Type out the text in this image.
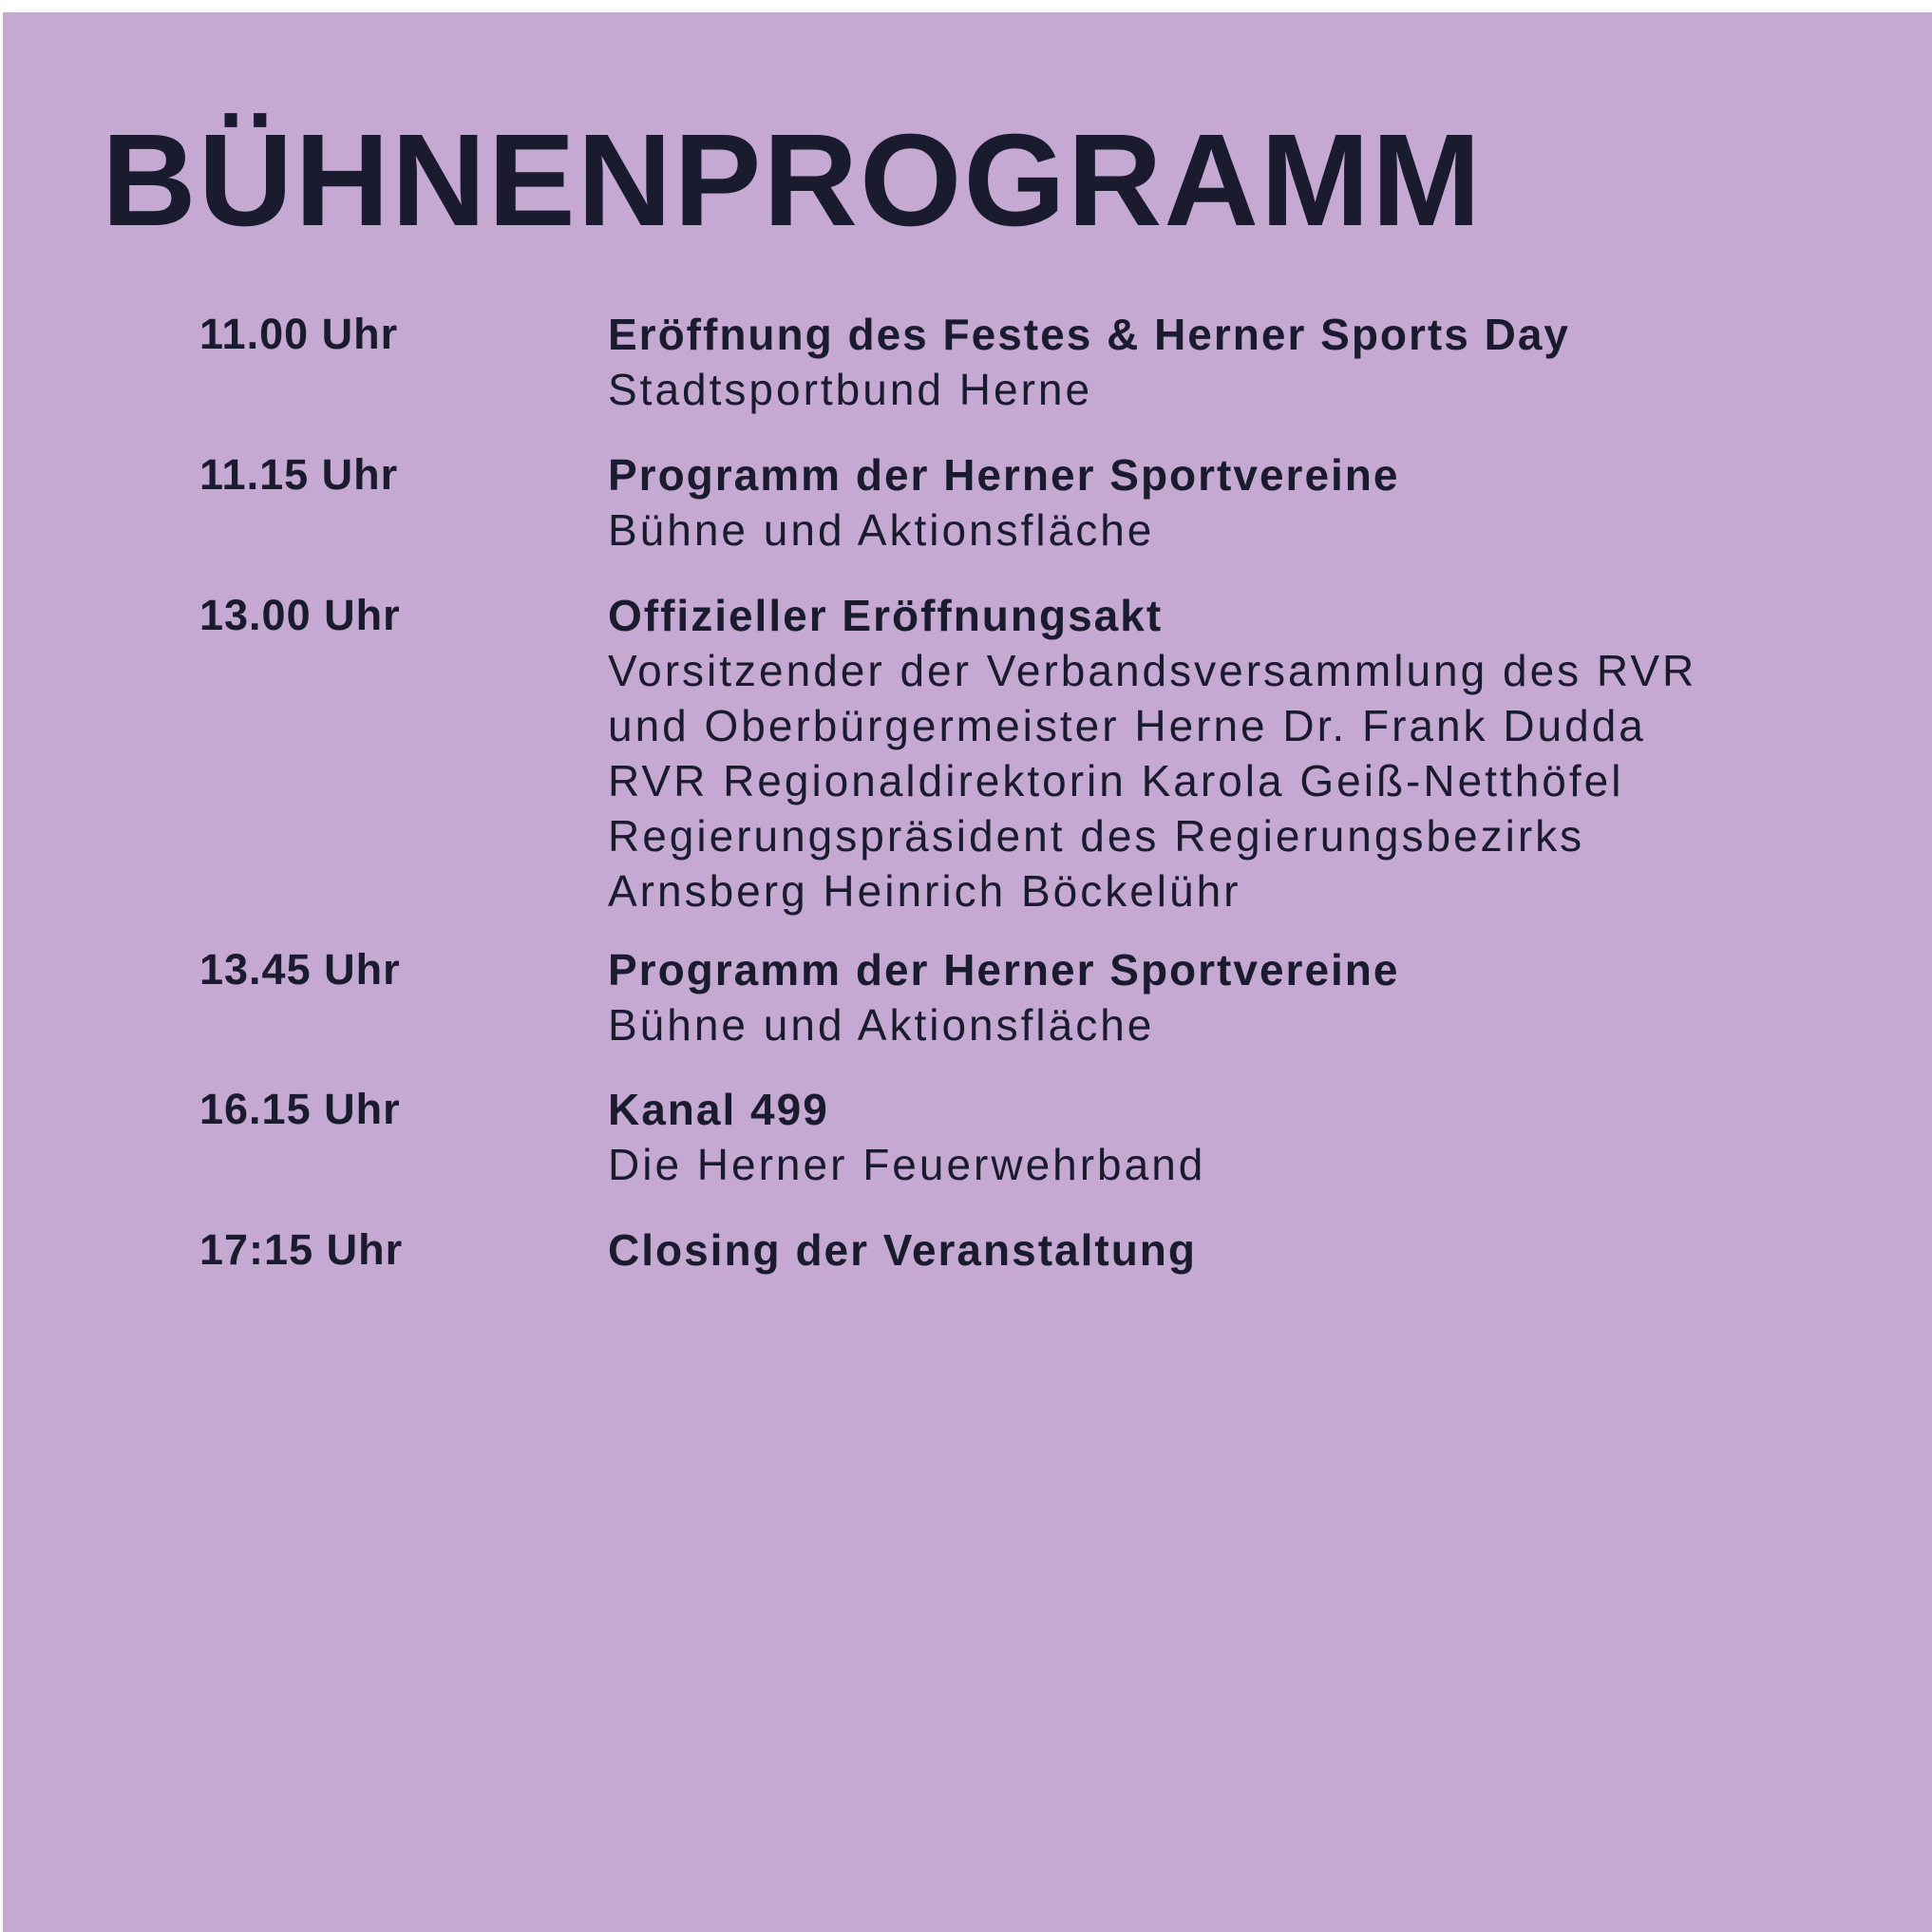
BÜHNENPROGRAMM
11.00 Uhr	Eröffnung des Festes & Herner Sports Day
Stadtsportbund Herne
11.15 Uhr	Programm der Herner Sportvereine
Bühne und Aktionsfläche
13.00 Uhr	Offizieller Eröffnungsakt
Vorsitzender der Verbandsversammlung des RVR
und Oberbürgermeister Herne Dr. Frank Dudda
RVR Regionaldirektorin Karola Geiß-Netthöfel
Regierungspräsident des Regierungsbezirks
Arnsberg Heinrich Böckelühr
13.45 Uhr	Programm der Herner Sportvereine
Bühne und Aktionsfläche
16.15 Uhr	Kanal 499
Die Herner Feuerwehrband
17:15 Uhr	Closing der Veranstaltung
